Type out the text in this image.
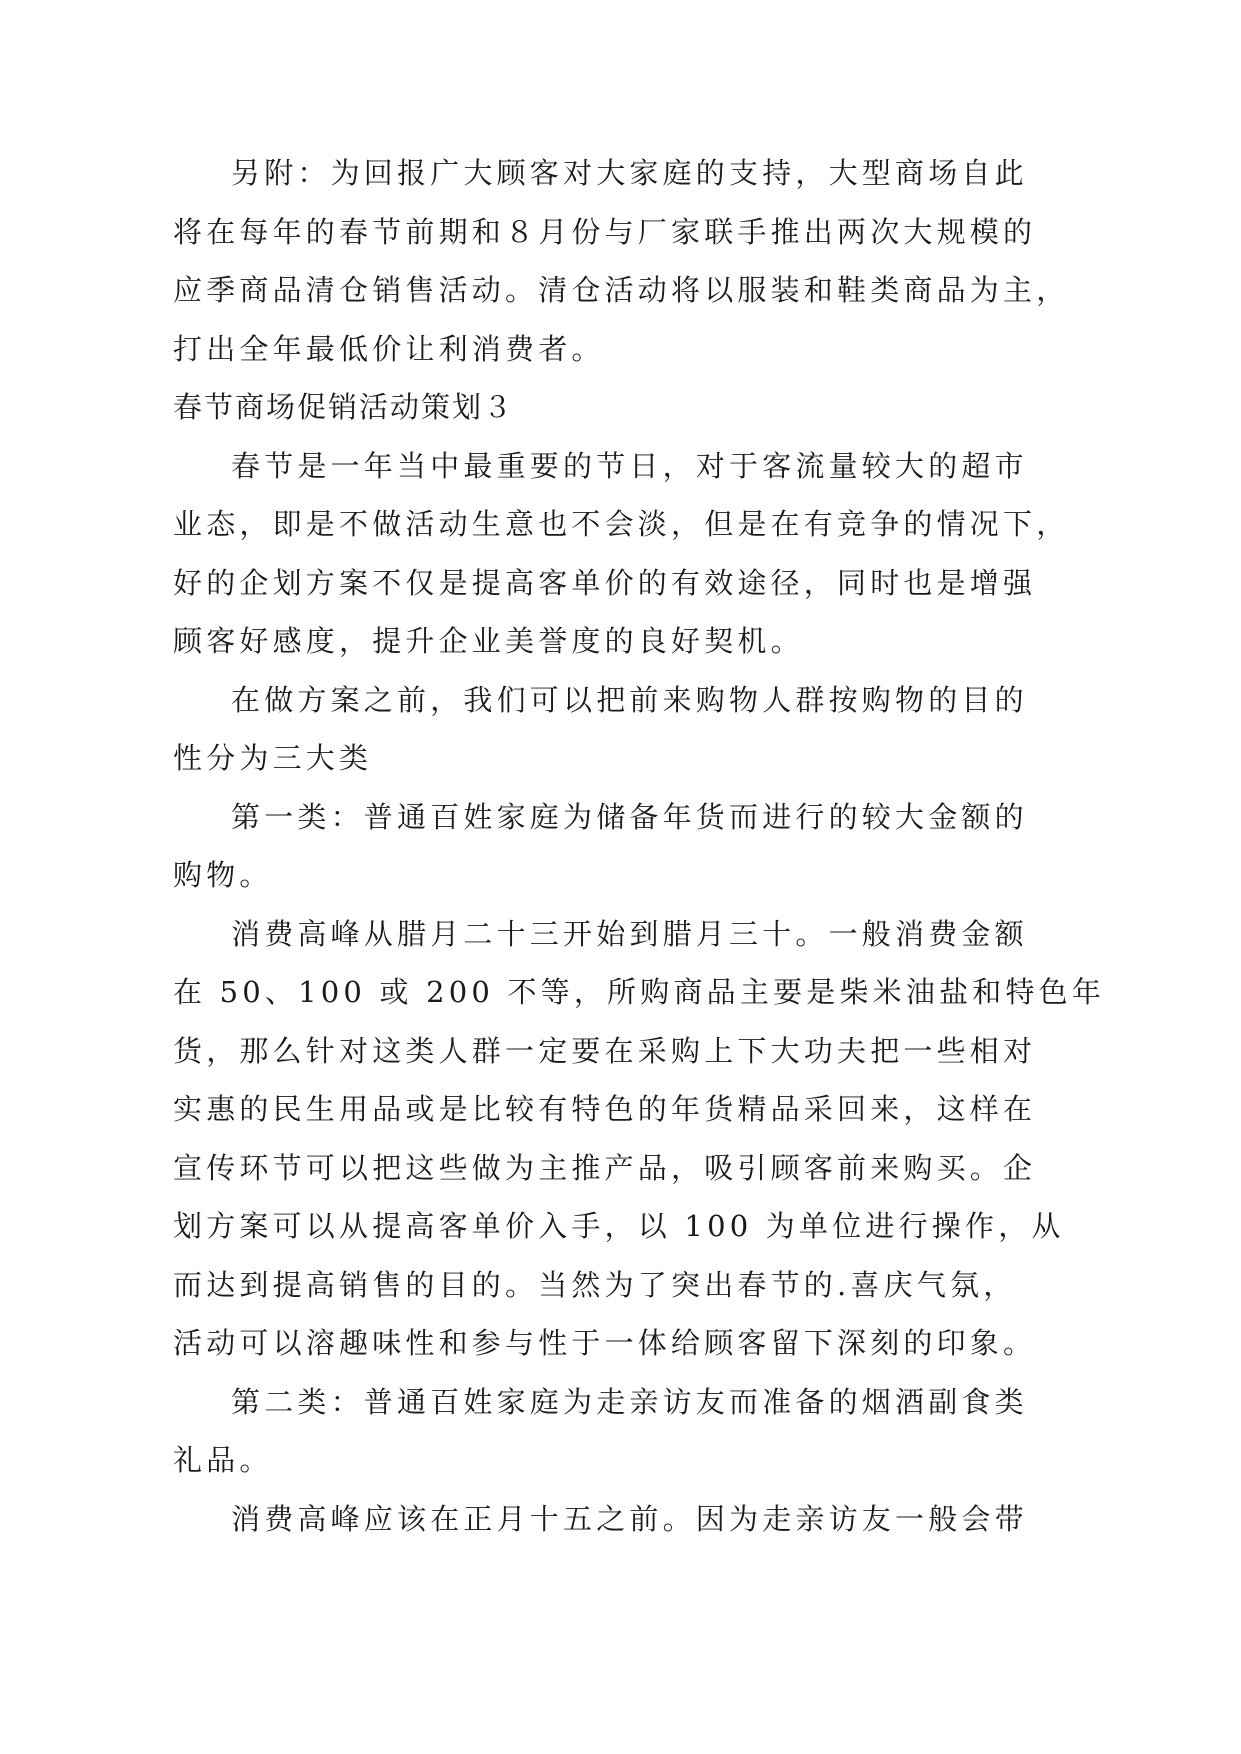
另附：为回报广大顾客对大家庭的支持，大型商场自此
将在每年的春节前期和８月份与厂家联手推出两次大规模的
应季商品清仓销售活动。清仓活动将以服装和鞋类商品为主，
打出全年最低价让利消费者。
春节商场促销活动策划３
春节是一年当中最重要的节日，对于客流量较大的超市
业态，即是不做活动生意也不会淡，但是在有竞争的情况下，
好的企划方案不仅是提高客单价的有效途径，同时也是增强
顾客好感度，提升企业美誉度的良好契机。
在做方案之前，我们可以把前来购物人群按购物的目的
性分为三大类
第一类：普通百姓家庭为储备年货而进行的较大金额的
购物。
消费高峰从腊月二十三开始到腊月三十。一般消费金额
在 50、100 或 200 不等，所购商品主要是柴米油盐和特色年
货，那么针对这类人群一定要在采购上下大功夫把一些相对
实惠的民生用品或是比较有特色的年货精品采回来，这样在
宣传环节可以把这些做为主推产品，吸引顾客前来购买。企
划方案可以从提高客单价入手，以 100 为单位进行操作，从
而达到提高销售的目的。当然为了突出春节的.喜庆气氛，
活动可以溶趣味性和参与性于一体给顾客留下深刻的印象。
第二类：普通百姓家庭为走亲访友而准备的烟酒副食类
礼品。
消费高峰应该在正月十五之前。因为走亲访友一般会带
